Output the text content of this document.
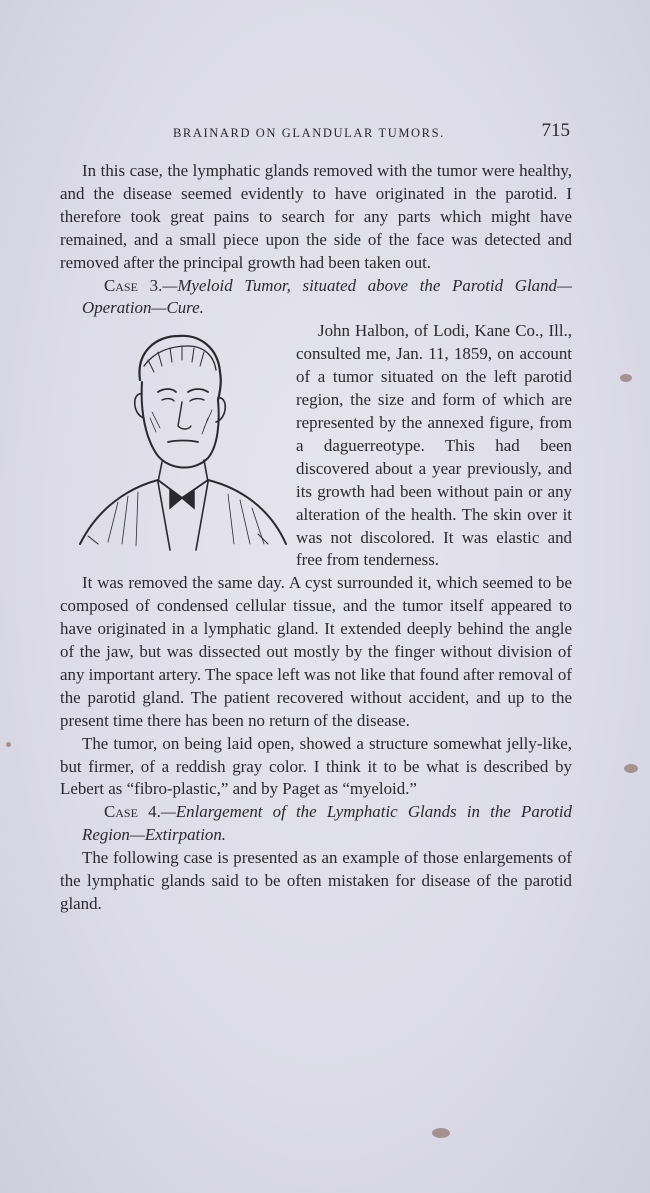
BRAINARD ON GLANDULAR TUMORS.	715

In this case, the lymphatic glands removed with the tumor were healthy, and the disease seemed evidently to have originated in the parotid. I therefore took great pains to search for any parts which might have remained, and a small piece upon the side of the face was detected and removed after the principal growth had been taken out.

Case 3.—Myeloid Tumor, situated above the Parotid Gland—Operation—Cure.

John Halbon, of Lodi, Kane Co., Ill., consulted me, Jan. 11, 1859, on account of a tumor situated on the left parotid region, the size and form of which are represented by the annexed figure, from a daguerreotype. This had been discovered about a year previously, and its growth had been without pain or any alteration of the health. The skin over it was not discolored. It was elastic and free from tenderness.

It was removed the same day. A cyst surrounded it, which seemed to be composed of condensed cellular tissue, and the tumor itself appeared to have originated in a lymphatic gland. It extended deeply behind the angle of the jaw, but was dissected out mostly by the finger without division of any important artery. The space left was not like that found after removal of the parotid gland. The patient recovered without accident, and up to the present time there has been no return of the disease.

The tumor, on being laid open, showed a structure somewhat jelly-like, but firmer, of a reddish gray color. I think it to be what is described by Lebert as “fibro-plastic,” and by Paget as “myeloid.”

Case 4.—Enlargement of the Lymphatic Glands in the Parotid Region—Extirpation.

The following case is presented as an example of those enlargements of the lymphatic glands said to be often mistaken for disease of the parotid gland.
